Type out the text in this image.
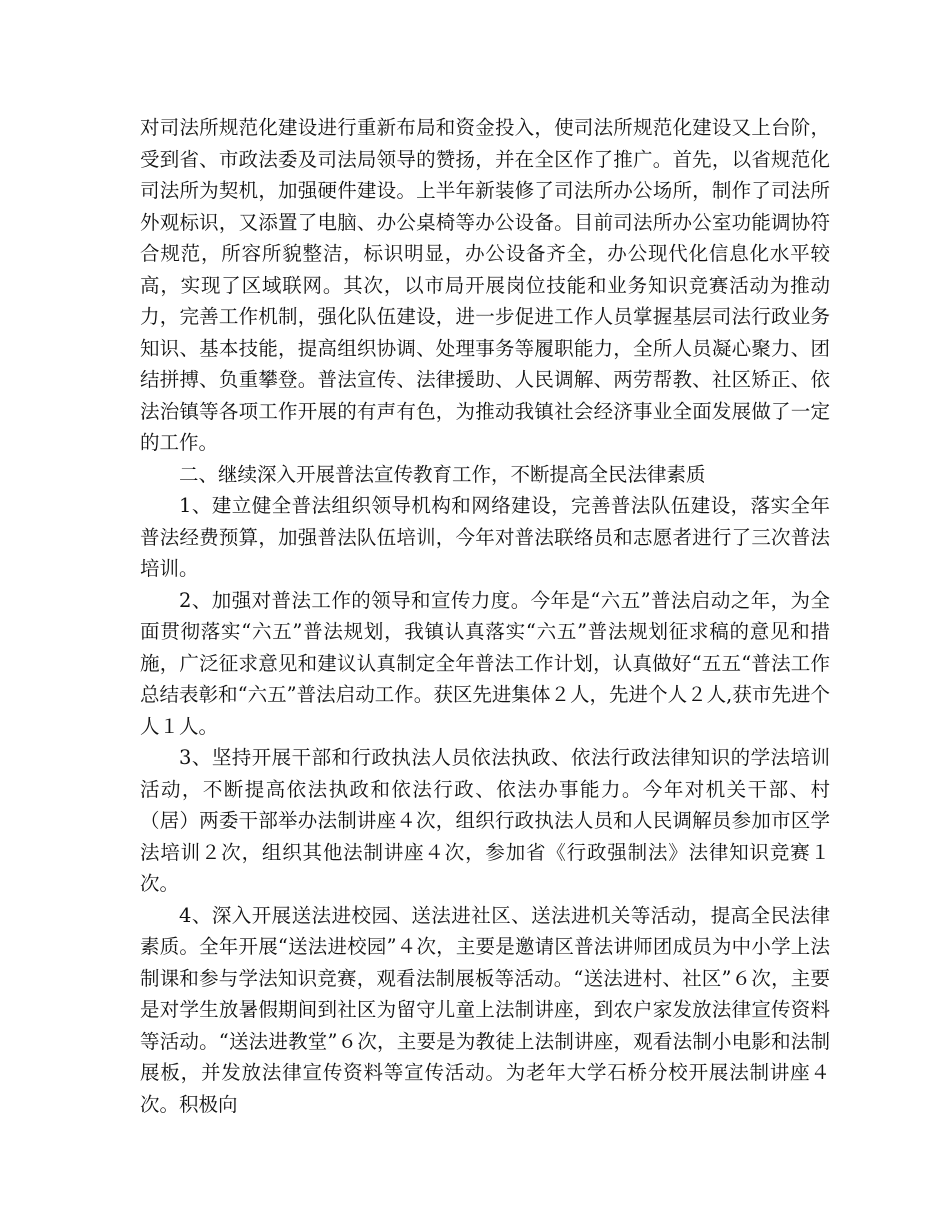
对司法所规范化建设进行重新布局和资金投入，使司法所规范化建设又上台阶，受到省、市政法委及司法局领导的赞扬，并在全区作了推广。首先，以省规范化司法所为契机，加强硬件建设。上半年新装修了司法所办公场所，制作了司法所外观标识，又添置了电脑、办公桌椅等办公设备。目前司法所办公室功能调协符合规范，所容所貌整洁，标识明显，办公设备齐全，办公现代化信息化水平较高，实现了区域联网。其次，以市局开展岗位技能和业务知识竞赛活动为推动力，完善工作机制，强化队伍建设，进一步促进工作人员掌握基层司法行政业务知识、基本技能，提高组织协调、处理事务等履职能力，全所人员凝心聚力、团结拼搏、负重攀登。普法宣传、法律援助、人民调解、两劳帮教、社区矫正、依法治镇等各项工作开展的有声有色，为推动我镇社会经济事业全面发展做了一定的工作。

二、继续深入开展普法宣传教育工作，不断提高全民法律素质

1、建立健全普法组织领导机构和网络建设，完善普法队伍建设，落实全年普法经费预算，加强普法队伍培训，今年对普法联络员和志愿者进行了三次普法培训。

2、加强对普法工作的领导和宣传力度。今年是“六五”普法启动之年，为全面贯彻落实“六五”普法规划，我镇认真落实“六五”普法规划征求稿的意见和措施，广泛征求意见和建议认真制定全年普法工作计划，认真做好“五五“普法工作总结表彰和“六五”普法启动工作。获区先进集体２人，先进个人２人,获市先进个人１人。

3、坚持开展干部和行政执法人员依法执政、依法行政法律知识的学法培训活动，不断提高依法执政和依法行政、依法办事能力。今年对机关干部、村（居）两委干部举办法制讲座４次，组织行政执法人员和人民调解员参加市区学法培训２次，组织其他法制讲座４次，参加省《行政强制法》法律知识竞赛１次。

4、深入开展送法进校园、送法进社区、送法进机关等活动，提高全民法律素质。全年开展“送法进校园”４次，主要是邀请区普法讲师团成员为中小学上法制课和参与学法知识竞赛，观看法制展板等活动。“送法进村、社区”６次，主要是对学生放暑假期间到社区为留守儿童上法制讲座，到农户家发放法律宣传资料等活动。“送法进教堂”６次，主要是为教徒上法制讲座，观看法制小电影和法制展板，并发放法律宣传资料等宣传活动。为老年大学石桥分校开展法制讲座４次。积极向
